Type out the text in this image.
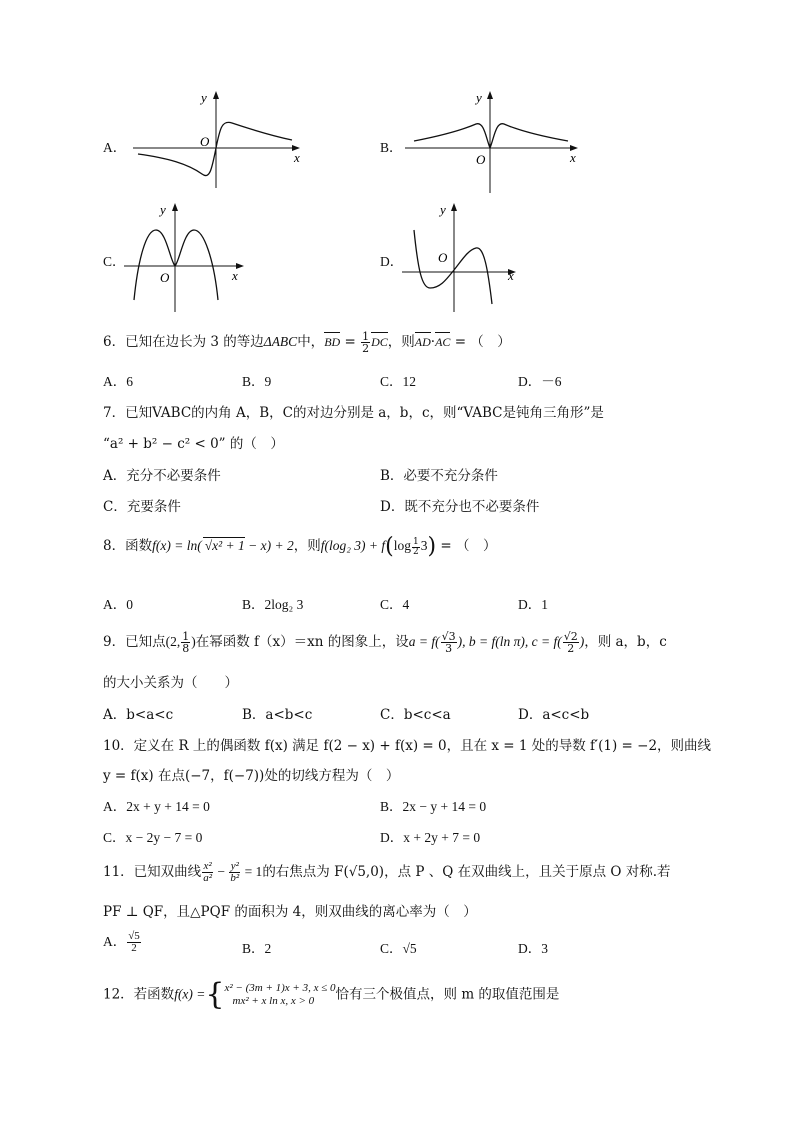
A．
y
O
x
B．
y
O	x
C．
y
O	x
D．
y
O
x
6．已知在边长为 3 的等边ΔABC中，BD = $\frac{1}{2}$ DC，则AD·AC = （　）
A．6	B．9	C．12	D．－6
7．已知VABC的内角 A，B，C的对边分别是 a，b，c，则“VABC是钝角三角形”是
“a² + b² − c² < 0” 的（　）
A．充分不必要条件	B．必要不充分条件
C．充要条件	D．既不充分也不必要条件
8．函数f(x) = ln( √x² + 1 − x) + 2，则f(log₂ $3) + f(\log \frac{1}{2} 3)$ = （　）
A．0	B．2log₂ 3	C．4	D．1
9．已知点(2, $\frac{1}{8}$ )在幂函数 f（x）＝xn 的图象上，设$a = f( \frac{√3}{3}$ ), b = f(ln π), $c = f( \frac{√2}{2}$ )，则 a，b，c
的大小关系为（　　）
A．b<a<c	B．a<b<c	C．b<c<a	D．a<c<b
10．定义在 R 上的偶函数 f(x) 满足 f(2 − x) + f(x) = 0，且在 x = 1 处的导数 f′(1) = −2，则曲线
y = f(x) 在点(−7，f(−7))处的切线方程为（　）
A．2x + y + 14 = 0	B．2x − y + 14 = 0
C．x − 2y − 7 = 0	D．x + 2y + 7 = 0
11．已知双曲线 $\frac{\text{x²}}{\text{a²}} - \frac{\text{y²}}{\text{b²}} = 1$的右焦点为 F(√5,0)，点 P 、Q 在双曲线上，且关于原点 O 对称.若
PF ⊥ QF，且△PQF 的面积为 4，则双曲线的离心率为（　）
A． $\frac{√5}{2}$	B．2	C．√5	D．3
12．若函数f(x) ={ x² − (3m + 1)x + 3, x ≤ 0
mx² + x ln x, x > 0	恰有三个极值点，则 m 的取值范围是
